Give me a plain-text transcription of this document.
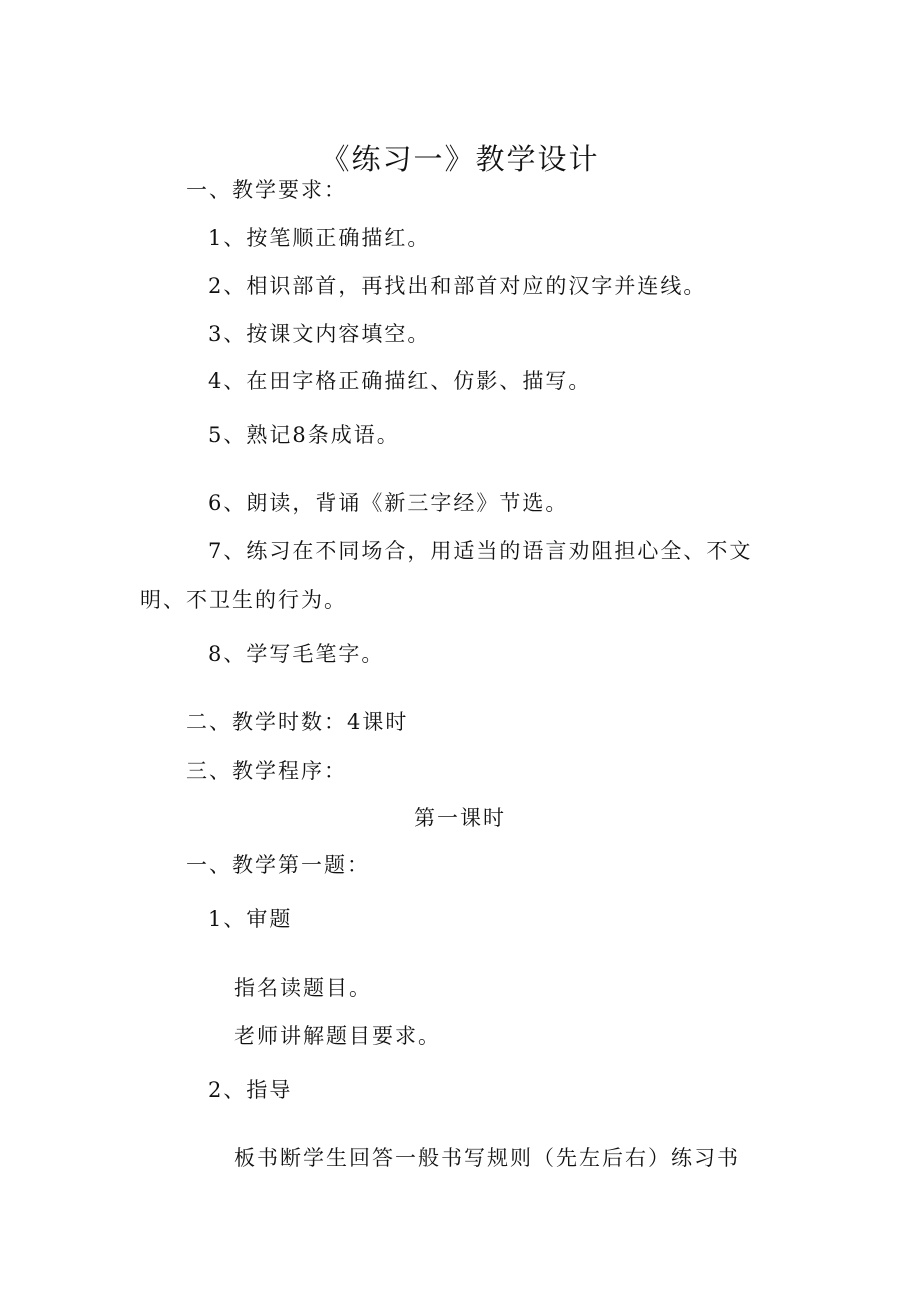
《练习一》教学设计
一、教学要求：
1、按笔顺正确描红。
2、相识部首，再找出和部首对应的汉字并连线。
3、按课文内容填空。
4、在田字格正确描红、仿影、描写。
5、熟记8条成语。
6、朗读，背诵《新三字经》节选。
7、练习在不同场合，用适当的语言劝阻担心全、不文
明、不卫生的行为。
8、学写毛笔字。
二、教学时数：4课时
三、教学程序：
第一课时
一、教学第一题：
1、审题
指名读题目。
老师讲解题目要求。
2、指导
板书断学生回答一般书写规则（先左后右）练习书
